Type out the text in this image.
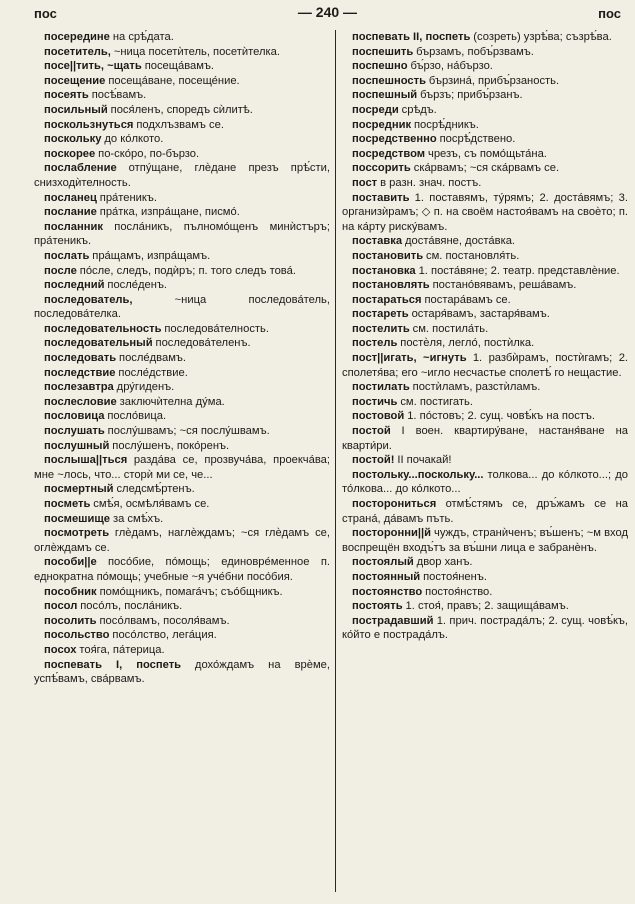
пос	— 240 —	пос

посередине на срѣ́дата.

посетитель, ~ница посетѝтель, посетѝтелка.

посе||тить, ~щать посеща́вамъ.

посещение посеща́ване, посеще́ние.

посеять посѣ́вамъ.

посильный пося́ленъ, споредъ сѝлитѣ.

поскользнуться подхлъзвамъ се.

поскольку до ко́лкото.

поскорее по-ско́ро, по-бързо.

послабление отпу́щане, глѐдане презъ прѣ́сти, снизходѝтелность.

посланец пра́теникъ.

послание пра́тка, изпра́щане, писмо́.

посланник посла́никъ, пълномо́щенъ минѝстъръ; пра́теникъ.

послать пра́щамъ, изпра́щамъ.

после по́сле, следъ, подѝръ; п. того следъ това́.

последний после́денъ.

последователь,	~ница последова́тель, последова́телка.

последовательность последова́телность.

последовательный последова́теленъ.

последовать после́двамъ.

последствие после́дствие.

послезавтра дру́гиденъ.

послесловие заключѝтелна ду́ма.

пословица посло́вица.

послушать послу́швамъ; ~ся послу́швамъ.

послушный послу́шенъ, поко́ренъ.

послыша||ться разда́ва се, прозвуча́ва, проекча́ва; мне ~лось, что... сторѝ ми се, че...

посмертный следсмѣ́ртенъ.

посметь смѣ́я, осмѣля́вамъ се.

посмешище за смѣ́хъ.

посмотреть глѐдамъ, наглѐждамъ; ~ся глѐдамъ се, оглѐждамъ се.

пособи||е посо́бие, по́мощь; единовре́менное п. еднократна по́мощь; учебные ~я уче́бни посо́бия.

пособник помо́щникъ, помага́чъ; съо́бщникъ.

посол посо́лъ, посла́никъ.

посолить посо́лвамъ, посоля́вамъ.

посольство посо́лство, лега́ция.

посох тоя́га, па́терица.

поспевать I, поспеть дохо́ждамъ на врѐме, успѣ́вамъ, сва́рвамъ.

поспевать II, поспеть (созреть) узрѣ́ва; съзрѣ́ва.

поспешить бързамъ, побъ́рзвамъ.

поспешно бъ́рзо, на́бързо.

поспешность бързина́, прибъ́рзаность.

поспешный бързъ; прибъ́рзанъ.

посреди срѣдъ.

посредник посрѣ́дникъ.

посредственно посрѣ́дствено.

посредством чрезъ, съ помо́щьта́на.

поссорить ска́рвамъ; ~ся ска́рвамъ се.

пост в разн. знач. постъ.

поставить 1. поставямъ, ту́рямъ; 2. доста́вямъ; 3. организѝрамъ; ◇ п. на своём настоя́вамъ на своѐто; п. на ка́рту риску́вамъ.

поставка доста́вяне, доста́вка.

постановить см. постановля́ть.

постановка 1. поста́вяне; 2. театр. представлѐние.

постановлять постано́вявамъ, реша́вамъ.

постараться постара́вамъ се.

постареть остаря́вамъ, застаря́вамъ.

постелить см. постила́ть.

постель постѐля, легло́, постѝлка.

пост||игать, ~игнуть 1. разбѝрамъ, постѝгамъ; 2. сполетя́ва; его ~игло несчастье сполетѣ́ го нещастие.

постилать постѝламъ, разстѝламъ.

постичь см. постигать.

постовой 1. по́стовъ; 2. сущ. човѣ́къ на постъ.

постой I воен. квартиру́ване, настаня́ване на кварти́ри.

постой! II почакай!

постольку...поскольку... толкова... до ко́лкото...; до то́лкова... до ко́лкото...

посторониться отмѣ́стямъ се, дръ́жамъ се на страна́, да́вамъ пъть.

посторонни||й чуждъ, странѝченъ; въ́шенъ; ~м вход воспрещён входъ́тъ за въ́шни лица е забранѐнъ.

постоялый двор ханъ.

постоянный постоя́ненъ.

постоянство постоя́нство.

постоять 1. стоя́, правъ; 2. защища́вамъ.

пострадавший 1. прич. пострада́лъ; 2. сущ. човѣ́къ, ко́йто е пострада́лъ.
